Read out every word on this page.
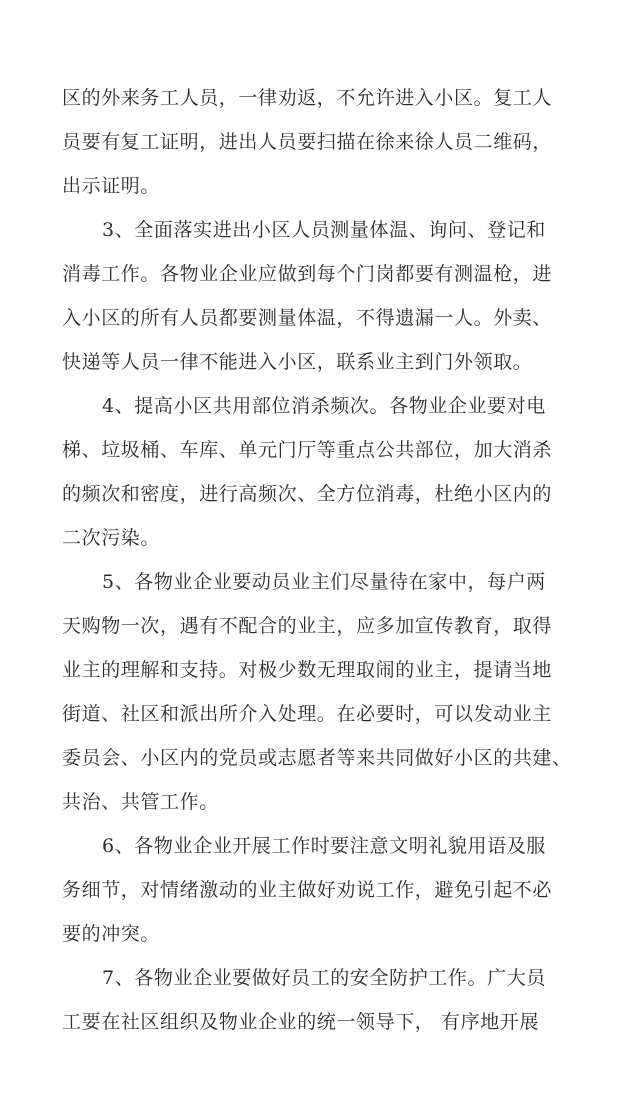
区的外来务工人员，一律劝返，不允许进入小区。复工人
员要有复工证明，进出人员要扫描在徐来徐人员二维码，
出示证明。
3、全面落实进出小区人员测量体温、询问、登记和
消毒工作。各物业企业应做到每个门岗都要有测温枪，进
入小区的所有人员都要测量体温，不得遗漏一人。外卖、
快递等人员一律不能进入小区，联系业主到门外领取。
4、提高小区共用部位消杀频次。各物业企业要对电
梯、垃圾桶、车库、单元门厅等重点公共部位，加大消杀
的频次和密度，进行高频次、全方位消毒，杜绝小区内的
二次污染。
5、各物业企业要动员业主们尽量待在家中，每户两
天购物一次，遇有不配合的业主，应多加宣传教育，取得
业主的理解和支持。对极少数无理取闹的业主，提请当地
街道、社区和派出所介入处理。在必要时，可以发动业主
委员会、小区内的党员或志愿者等来共同做好小区的共建、
共治、共管工作。
6、各物业企业开展工作时要注意文明礼貌用语及服
务细节，对情绪激动的业主做好劝说工作，避免引起不必
要的冲突。
7、各物业企业要做好员工的安全防护工作。广大员
工要在社区组织及物业企业的统一领导下， 有序地开展
